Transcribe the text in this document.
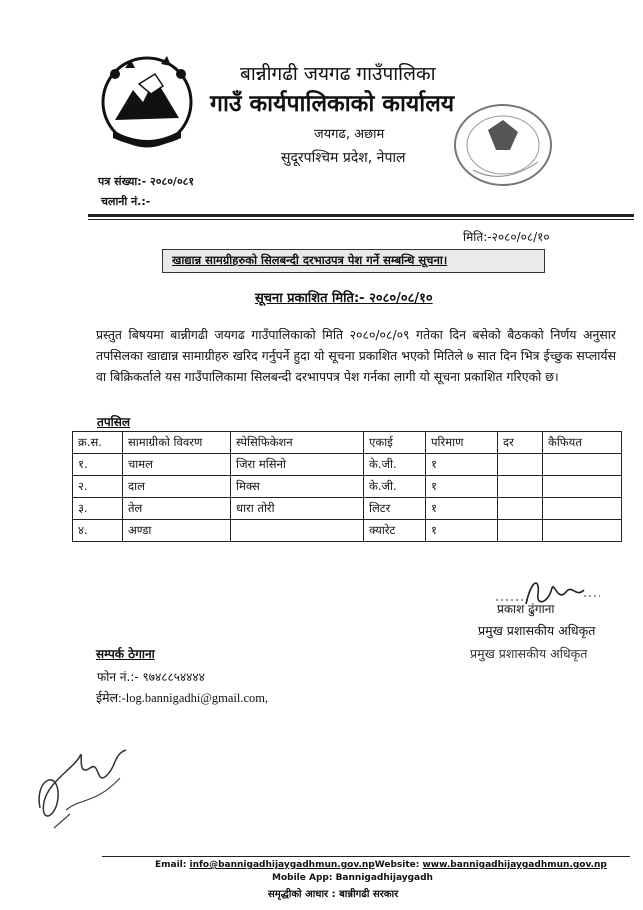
बान्नीगढी जयगढ गाउँपालिका
गाउँ कार्यपालिकाको कार्यालय
जयगढ, अछाम
सुदूरपश्चिम प्रदेश, नेपाल
पत्र संख्या:- २०८०/०८१
चलानी नं.:-
मिति:-२०८०/०८/१०
खाद्यान्न सामग्रीहरुको सिलबन्दी दरभाउपत्र पेश गर्ने सम्बन्धि सूचना।
सूचना प्रकाशित मिति:- २०८०/०८/१०
प्रस्तुत बिषयमा बान्नीगढी जयगढ गाउँपालिकाको मिति २०८०/०८/०९ गतेका दिन बसेको बैठकको निर्णय अनुसार तपसिलका खाद्यान्न सामाग्रीहरु खरिद गर्नुपर्ने हुदा यो सूचना प्रकाशित भएको मितिले ७ सात दिन भित्र ईच्छुक सप्लार्यस वा बिक्रिकर्ताले यस गाउँपालिकामा सिलबन्दी दरभापपत्र पेश गर्नका लागी यो सूचना प्रकाशित गरिएको छ।
तपसिल
क्र.स.	सामाग्रीको विवरण	स्पेसिफिकेशन	एकाई	परिमाण	दर	कैफियत
१.	चामल	जिरा मसिनो	के.जी.	१		
२.	दाल	मिक्स	के.जी.	१		
३.	तेल	धारा तोरी	लिटर	१		
४.	अण्डा		क्यारेट	१		
प्रकाश ढुंगाना
प्रमुख प्रशासकीय अधिकृत
प्रमुख प्रशासकीय अधिकृत
सम्पर्क ठेगाना
फोन नं.:- ९७४८८५४४४४
ईमेल:-log.bannigadhi@gmail.com,
Email: info@bannigadhijaygadhmun.gov.npWebsite: www.bannigadhijaygadhmun.gov.np
Mobile App: Bannigadhijaygadh
समृद्धीको आधार : बान्नीगढी सरकार
